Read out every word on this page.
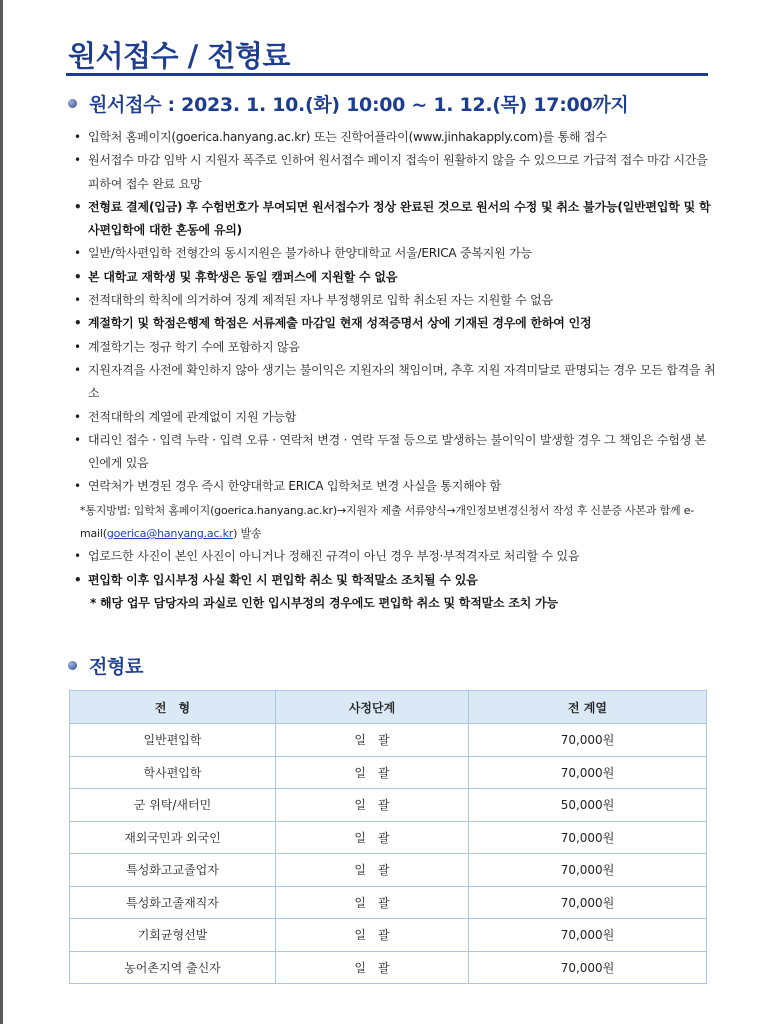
원서접수 / 전형료
원서접수 : 2023. 1. 10.(화) 10:00 ~ 1. 12.(목) 17:00까지
• 입학처 홈페이지(goerica.hanyang.ac.kr) 또는 진학어플라이(www.jinhakapply.com)를 통해 접수
• 원서접수 마감 임박 시 지원자 폭주로 인하여 원서접수 페이지 접속이 원활하지 않을 수 있으므로 가급적 접수 마감 시간을 피하여 접수 완료 요망
• 전형료 결제(입금) 후 수험번호가 부여되면 원서접수가 정상 완료된 것으로 원서의 수정 및 취소 불가능(일반편입학 및 학사편입학에 대한 혼동에 유의)
• 일반/학사편입학 전형간의 동시지원은 불가하나 한양대학교 서울/ERICA 중복지원 가능
• 본 대학교 재학생 및 휴학생은 동일 캠퍼스에 지원할 수 없음
• 전적대학의 학칙에 의거하여 징계 제적된 자나 부정행위로 입학 취소된 자는 지원할 수 없음
• 계절학기 및 학점은행제 학점은 서류제출 마감일 현재 성적증명서 상에 기재된 경우에 한하여 인정
• 계절학기는 정규 학기 수에 포함하지 않음
• 지원자격을 사전에 확인하지 않아 생기는 불이익은 지원자의 책임이며, 추후 지원 자격미달로 판명되는 경우 모든 합격을 취소
• 전적대학의 계열에 관계없이 지원 가능함
• 대리인 접수 · 입력 누락 · 입력 오류 · 연락처 변경 · 연락 두절 등으로 발생하는 불이익이 발생할 경우 그 책임은 수험생 본인에게 있음
• 연락처가 변경된 경우 즉시 한양대학교 ERICA 입학처로 변경 사실을 통지해야 함
*통지방법: 입학처 홈페이지(goerica.hanyang.ac.kr)→지원자 제출 서류양식→개인정보변경신청서 작성 후 신분증 사본과 함께 e-mail(goerica@hanyang.ac.kr) 발송
• 업로드한 사진이 본인 사진이 아니거나 정해진 규격이 아닌 경우 부정·부적격자로 처리할 수 있음
• 편입학 이후 입시부정 사실 확인 시 편입학 취소 및 학적말소 조치될 수 있음
* 해당 업무 담당자의 과실로 인한 입시부정의 경우에도 편입학 취소 및 학적말소 조치 가능
전형료
전　형	사정단계	전 계열
일반편입학	일　괄	70,000원
학사편입학	일　괄	70,000원
군 위탁/새터민	일　괄	50,000원
재외국민과 외국인	일　괄	70,000원
특성화고교졸업자	일　괄	70,000원
특성화고졸재직자	일　괄	70,000원
기회균형선발	일　괄	70,000원
농어촌지역 출신자	일　괄	70,000원
